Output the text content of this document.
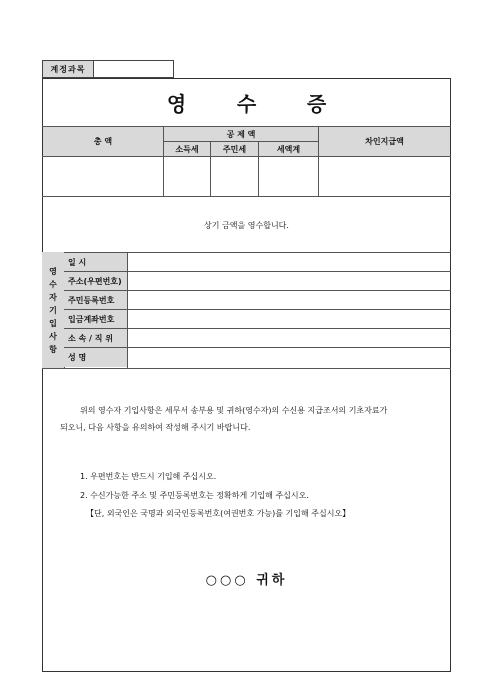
계정과목
영	수	증
총 액
공 제 액
소득세	주민세	세액계
차인지급액
상기 금액을 영수합니다.
영
수
자
기
입
사
항
일 시
주소(우편번호)
주민등록번호
입금계좌번호
소 속 / 직 위
성 명
위의 영수자 기입사항은 세무서 송부용 및 귀하(영수자)의 수신용 지급조서의 기초자료가
되오니, 다음 사항을 유의하여 작성해 주시기 바랍니다.
1. 우편번호는 반드시 기입해 주십시오.
2. 수신가능한 주소 및 주민등록번호는 정확하게 기입해 주십시오.
【단, 외국인은 국명과 외국인등록번호(여권번호 가능)를 기입해 주십시오】
○○○ 귀하
